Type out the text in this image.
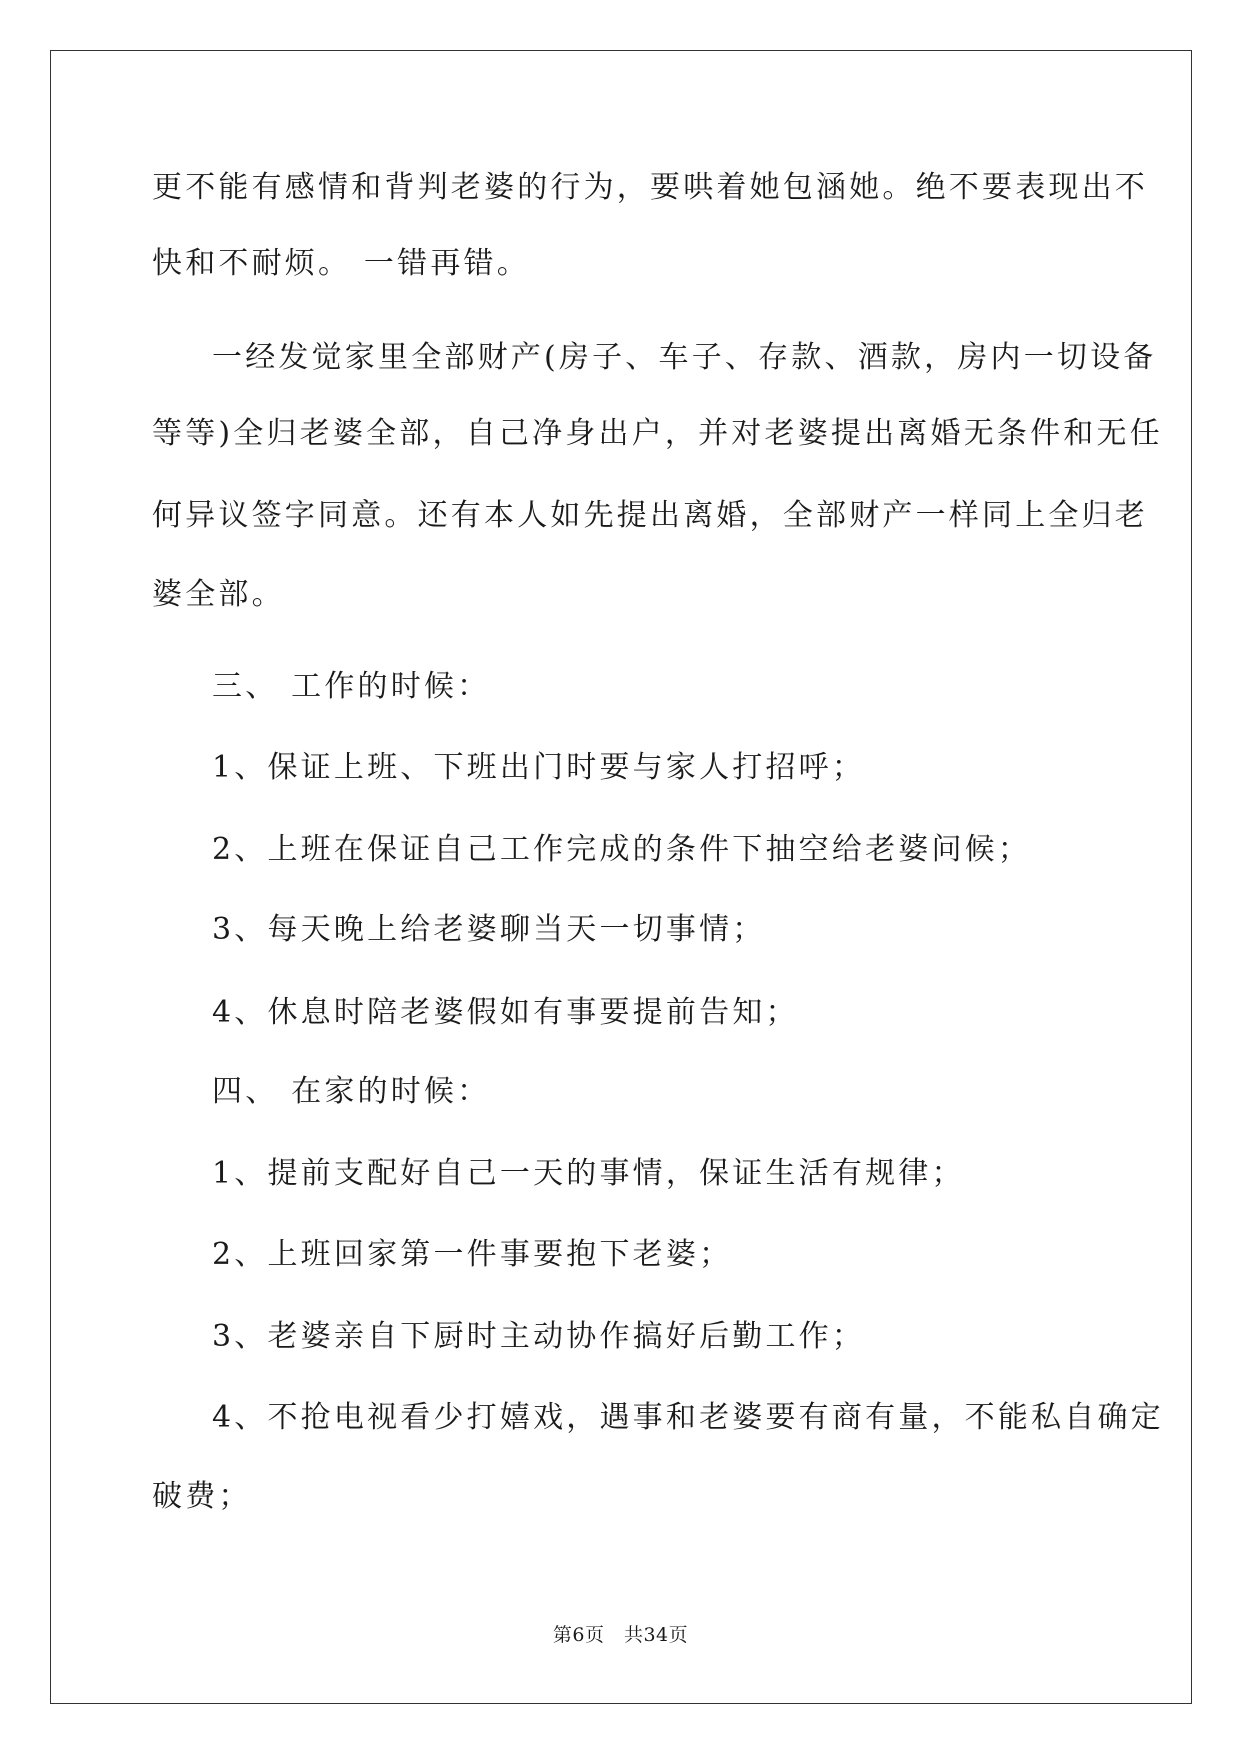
更不能有感情和背判老婆的行为，要哄着她包涵她。绝不要表现出不
快和不耐烦。 一错再错。
一经发觉家里全部财产(房子、车子、存款、酒款，房内一切设备
等等)全归老婆全部，自己净身出户，并对老婆提出离婚无条件和无任
何异议签字同意。还有本人如先提出离婚，全部财产一样同上全归老
婆全部。
三、 工作的时候：
1、保证上班、下班出门时要与家人打招呼；
2、上班在保证自己工作完成的条件下抽空给老婆问候；
3、每天晚上给老婆聊当天一切事情；
4、休息时陪老婆假如有事要提前告知；
四、 在家的时候：
1、提前支配好自己一天的事情，保证生活有规律；
2、上班回家第一件事要抱下老婆；
3、老婆亲自下厨时主动协作搞好后勤工作；
4、不抢电视看少打嬉戏，遇事和老婆要有商有量，不能私自确定
破费；
第6页　共34页
